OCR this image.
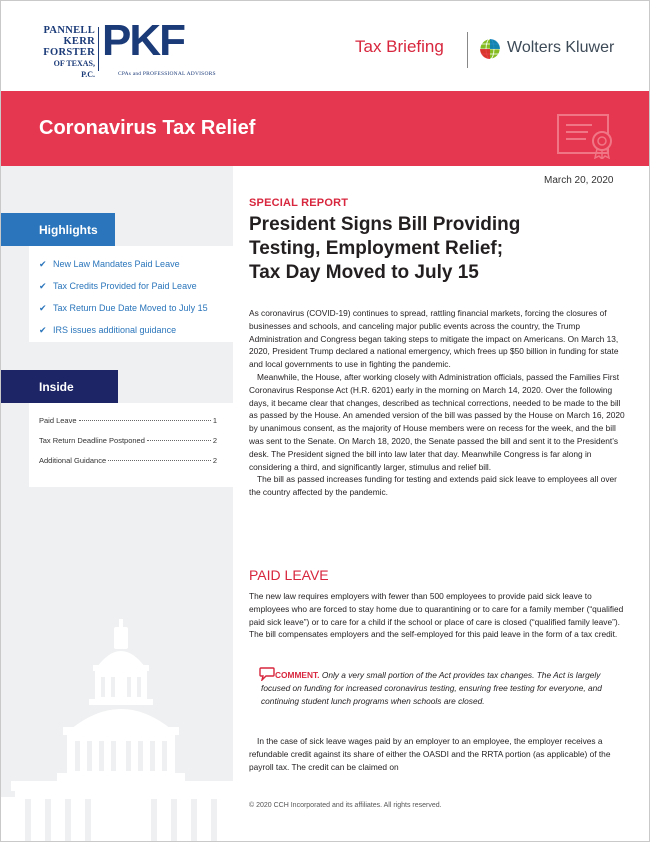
PANNELL
KERR
FORSTER
OF TEXAS, P.C.
PKF
CPAs and PROFESSIONAL ADVISORS
Tax Briefing	Wolters Kluwer
Coronavirus Tax Relief
March 20, 2020
Highlights
✔ New Law Mandates Paid Leave
✔ Tax Credits Provided for Paid Leave
✔ Tax Return Due Date Moved to July 15
✔ IRS issues additional guidance
Inside
Paid Leave	1
Tax Return Deadline Postponed	2
Additional Guidance	2
SPECIAL REPORT
President Signs Bill Providing
Testing, Employment Relief;
Tax Day Moved to July 15

As coronavirus (COVID-19) continues to spread, rattling financial markets, forcing the closures of businesses and schools, and canceling major public events across the country, the Trump Administration and Congress began taking steps to mitigate the impact on Americans. On March 13, 2020, President Trump declared a national emergency, which frees up $50 billion in funding for state and local governments to use in fighting the pandemic.

Meanwhile, the House, after working closely with Administration officials, passed the Families First Coronavirus Response Act (H.R. 6201) early in the morning on March 14, 2020. Over the following days, it became clear that changes, described as technical corrections, needed to be made to the bill as passed by the House. An amended version of the bill was passed by the House on March 16, 2020 by unanimous consent, as the majority of House members were on recess for the week, and the bill was sent to the Senate. On March 18, 2020, the Senate passed the bill and sent it to the President’s desk. The President signed the bill into law later that day. Meanwhile Congress is far along in considering a third, and significantly larger, stimulus and relief bill.

The bill as passed increases funding for testing and extends paid sick leave to employees all over the country affected by the pandemic.

PAID LEAVE

The new law requires employers with fewer than 500 employees to provide paid sick leave to employees who are forced to stay home due to quarantining or to care for a family member (“qualified paid sick leave”) or to care for a child if the school or place of care is closed (“qualified family leave”). The bill compensates employers and the self-employed for this paid leave in the form of a tax credit.

COMMENT. Only a very small portion of the Act provides tax changes. The Act is largely focused on funding for increased coronavirus testing, ensuring free testing for everyone, and continuing student lunch programs when schools are closed.

In the case of sick leave wages paid by an employer to an employee, the employer receives a refundable credit against its share of either the OASDI and the RRTA portion (as applicable) of the payroll tax. The credit can be claimed on

© 2020 CCH Incorporated and its affiliates. All rights reserved.
